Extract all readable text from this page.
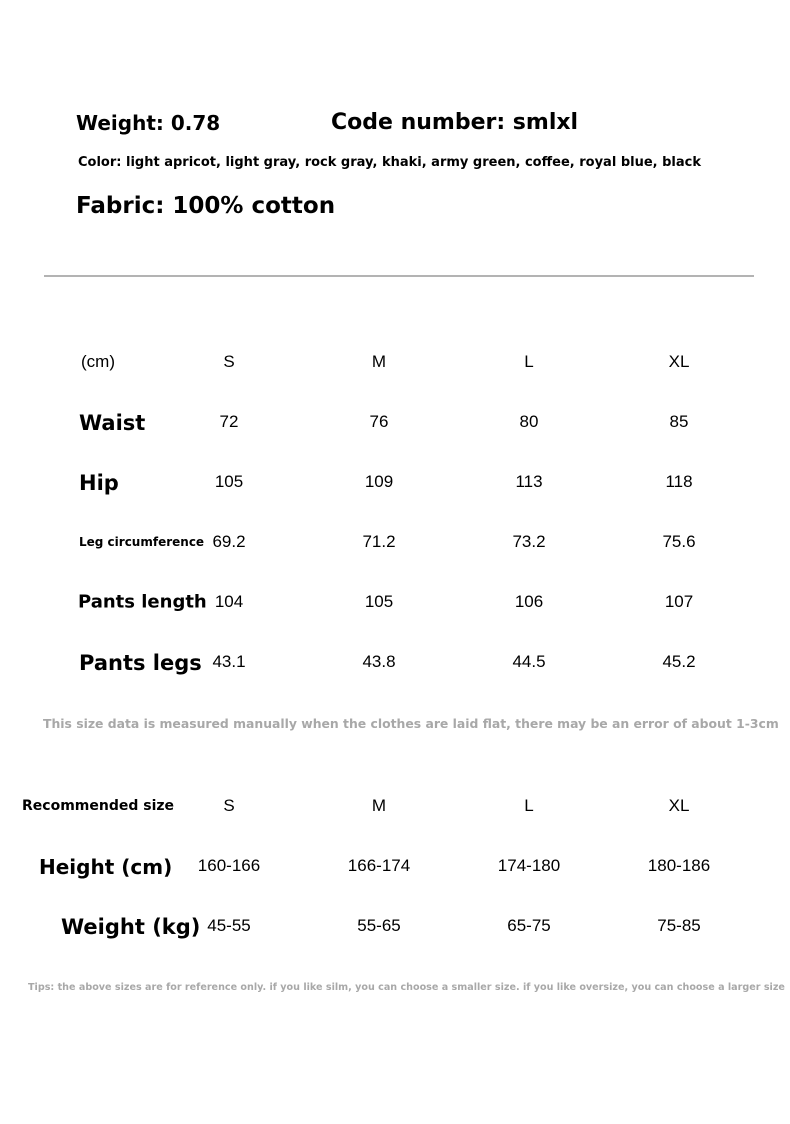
Weight: 0.78	Code number: smlxl
Color: light apricot, light gray, rock gray, khaki, army green, coffee, royal blue, black
Fabric: 100% cotton
(cm)	S	M	L	XL
Waist	72	76	80	85
Hip	105	109	113	118
Leg circumference 69.2	71.2	73.2	75.6
Pants length 104	105	106	107
Pants legs 43.1	43.8	44.5	45.2
This size data is measured manually when the clothes are laid flat, there may be an error of about 1-3cm
Recommended size	S	M	L	XL
Height (cm) 160-166	166-174	174-180	180-186
Weight (kg) 45-55	55-65	65-75	75-85
Tips: the above sizes are for reference only. if you like silm, you can choose a smaller size. if you like oversize, you can choose a larger size
